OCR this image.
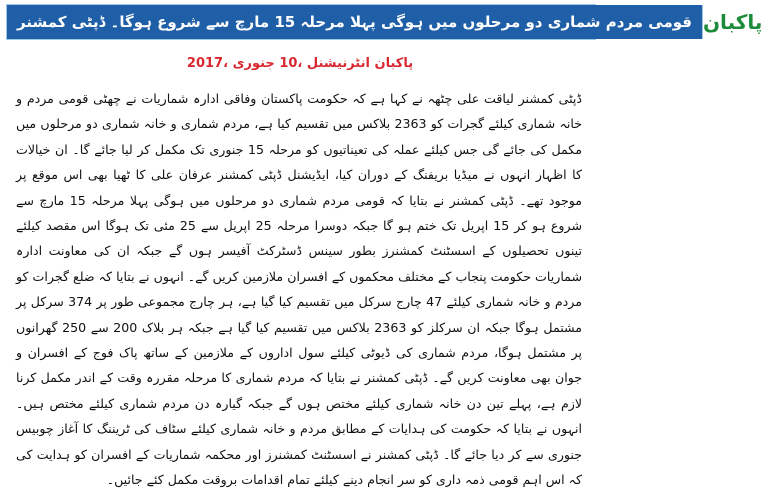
قومی مردم شماری دو مرحلوں میں ہوگی پہلا مرحلہ 15 مارچ سے شروع ہوگا۔ ڈپٹی کمشنر پاکبان
پاکبان انٹرنیشنل ،10 جنوری ،2017
ڈپٹی کمشنر لیاقت علی چٹھہ نے کہا ہے کہ حکومت پاکستان وفاقی ادارہ شماریات نے چھٹی قومی مردم و خانہ شماری کیلئے گجرات کو 2363 بلاکس میں تقسیم کیا ہے، مردم شماری و خانہ شماری دو مرحلوں میں مکمل کی جائے گی جس کیلئے عملہ کی تعیناتیوں کو مرحلہ 15 جنوری تک مکمل کر لیا جائے گا۔ ان خیالات کا اظہار انہوں نے میڈیا بریفنگ کے دوران کیا، ایڈیشنل ڈپٹی کمشنر عرفان علی کا ٹھیا بھی اس موقع پر موجود تھے۔ ڈپٹی کمشنر نے بتایا کہ قومی مردم شماری دو مرحلوں میں ہوگی پہلا مرحلہ 15 مارچ سے شروع ہو کر 15 اپریل تک ختم ہو گا جبکہ دوسرا مرحلہ 25 اپریل سے 25 مئی تک ہوگا اس مقصد کیلئے تینوں تحصیلوں کے اسسٹنٹ کمشنرز بطور سینس ڈسٹرکٹ آفیسر ہوں گے جبکہ ان کی معاونت ادارہ شماریات حکومت پنجاب کے مختلف محکموں کے افسران ملازمین کریں گے۔ انہوں نے بتایا کہ ضلع گجرات کو مردم و خانہ شماری کیلئے 47 چارج سرکل میں تقسیم کیا گیا ہے، ہر چارج مجموعی طور پر 374 سرکل پر مشتمل ہوگا جبکہ ان سرکلز کو 2363 بلاکس میں تقسیم کیا گیا ہے جبکہ ہر بلاک 200 سے 250 گھرانوں پر مشتمل ہوگا، مردم شماری کی ڈیوٹی کیلئے سول اداروں کے ملازمین کے ساتھ پاک فوج کے افسران و جوان بھی معاونت کریں گے۔ ڈپٹی کمشنر نے بتایا کہ مردم شماری کا مرحلہ مقررہ وقت کے اندر مکمل کرنا لازم ہے، پہلے تین دن خانہ شماری کیلئے مختص ہوں گے جبکہ گیارہ دن مردم شماری کیلئے مختص ہیں۔ انہوں نے بتایا کہ حکومت کی ہدایات کے مطابق مردم و خانہ شماری کیلئے سٹاف کی ٹریننگ کا آغاز چوبیس جنوری سے کر دیا جائے گا۔ ڈپٹی کمشنر نے اسسٹنٹ کمشنرز اور محکمہ شماریات کے افسران کو ہدایت کی کہ اس اہم قومی ذمہ داری کو سر انجام دینے کیلئے تمام اقدامات بروقت مکمل کئے جائیں۔
